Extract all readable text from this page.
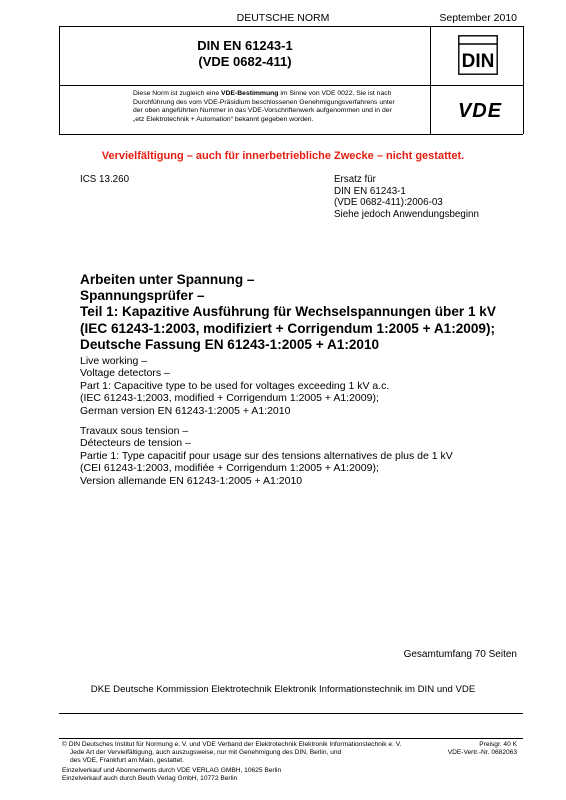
DEUTSCHE NORM	September 2010
DIN EN 61243-1
(VDE 0682-411)	DIN
Diese Norm ist zugleich eine VDE-Bestimmung im Sinne von VDE 0022. Sie ist nach
Durchführung des vom VDE-Präsidium beschlossenen Genehmigungsverfahrens unter
der oben angeführten Nummer in das VDE-Vorschriftenwerk aufgenommen und in der
„etz Elektrotechnik + Automation“ bekannt gegeben worden.	VDE
Vervielfältigung – auch für innerbetriebliche Zwecke – nicht gestattet.
ICS 13.260	Ersatz für
DIN EN 61243-1
(VDE 0682-411):2006-03
Siehe jedoch Anwendungsbeginn
Arbeiten unter Spannung –
Spannungsprüfer –
Teil 1: Kapazitive Ausführung für Wechselspannungen über 1 kV
(IEC 61243-1:2003, modifiziert + Corrigendum 1:2005 + A1:2009);
Deutsche Fassung EN 61243-1:2005 + A1:2010
Live working –
Voltage detectors –
Part 1: Capacitive type to be used for voltages exceeding 1 kV a.c.
(IEC 61243-1:2003, modified + Corrigendum 1:2005 + A1:2009);
German version EN 61243-1:2005 + A1:2010
Travaux sous tension –
Détecteurs de tension –
Partie 1: Type capacitif pour usage sur des tensions alternatives de plus de 1 kV
(CEI 61243-1:2003, modifiée + Corrigendum 1:2005 + A1:2009);
Version allemande EN 61243-1:2005 + A1:2010
Gesamtumfang 70 Seiten
DKE Deutsche Kommission Elektrotechnik Elektronik Informationstechnik im DIN und VDE
© DIN Deutsches Institut für Normung e. V. und VDE Verband der Elektrotechnik Elektronik Informationstechnik e. V.
Jede Art der Vervielfältigung, auch auszugsweise, nur mit Genehmigung des DIN, Berlin, und
des VDE, Frankfurt am Main, gestattet.
Preisgr. 40 K
VDE-Vertr.-Nr. 0682063
Einzelverkauf und Abonnements durch VDE VERLAG GMBH, 10625 Berlin
Einzelverkauf auch durch Beuth Verlag GmbH, 10772 Berlin
